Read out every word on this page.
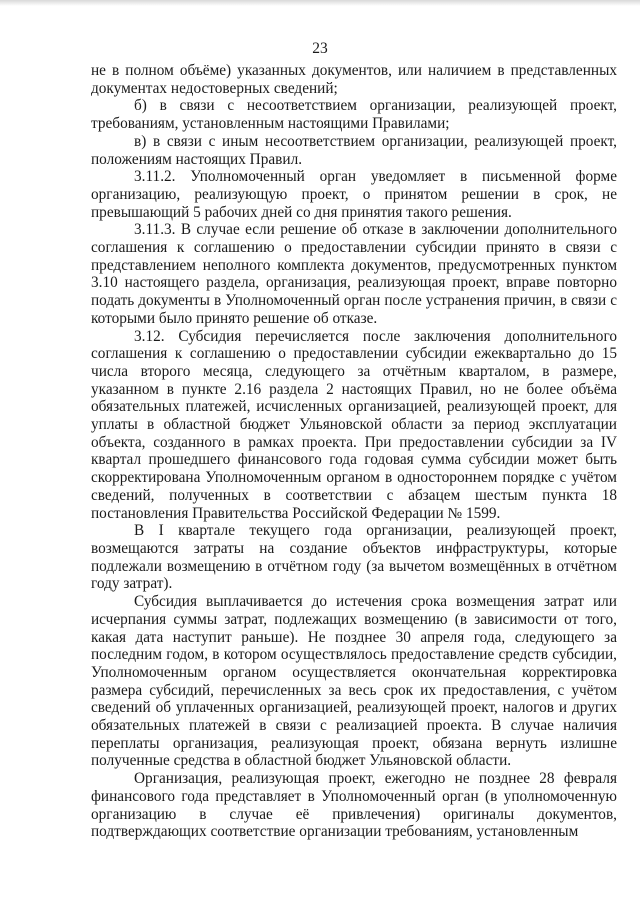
23

не в полном объёме) указанных документов, или наличием в представленных документах недостоверных сведений;

б) в связи с несоответствием организации, реализующей проект, требованиям, установленным настоящими Правилами;

в) в связи с иным несоответствием организации, реализующей проект, положениям настоящих Правил.

3.11.2. Уполномоченный орган уведомляет в письменной форме организацию, реализующую проект, о принятом решении в срок, не превышающий 5 рабочих дней со дня принятия такого решения.

3.11.3. В случае если решение об отказе в заключении дополнительного соглашения к соглашению о предоставлении субсидии принято в связи с представлением неполного комплекта документов, предусмотренных пунктом 3.10 настоящего раздела, организация, реализующая проект, вправе повторно подать документы в Уполномоченный орган после устранения причин, в связи с которыми было принято решение об отказе.

3.12. Субсидия перечисляется после заключения дополнительного соглашения к соглашению о предоставлении субсидии ежеквартально до 15 числа второго месяца, следующего за отчётным кварталом, в размере, указанном в пункте 2.16 раздела 2 настоящих Правил, но не более объёма обязательных платежей, исчисленных организацией, реализующей проект, для уплаты в областной бюджет Ульяновской области за период эксплуатации объекта, созданного в рамках проекта. При предоставлении субсидии за IV квартал прошедшего финансового года годовая сумма субсидии может быть скорректирована Уполномоченным органом в одностороннем порядке с учётом сведений, полученных в соответствии с абзацем шестым пункта 18 постановления Правительства Российской Федерации № 1599.

В I квартале текущего года организации, реализующей проект, возмещаются затраты на создание объектов инфраструктуры, которые подлежали возмещению в отчётном году (за вычетом возмещённых в отчётном году затрат).

Субсидия выплачивается до истечения срока возмещения затрат или исчерпания суммы затрат, подлежащих возмещению (в зависимости от того, какая дата наступит раньше). Не позднее 30 апреля года, следующего за последним годом, в котором осуществлялось предоставление средств субсидии, Уполномоченным органом осуществляется окончательная корректировка размера субсидий, перечисленных за весь срок их предоставления, с учётом сведений об уплаченных организацией, реализующей проект, налогов и других обязательных платежей в связи с реализацией проекта. В случае наличия переплаты организация, реализующая проект, обязана вернуть излишне полученные средства в областной бюджет Ульяновской области.

Организация, реализующая проект, ежегодно не позднее 28 февраля финансового года представляет в Уполномоченный орган (в уполномоченную организацию в случае её привлечения) оригиналы документов, подтверждающих соответствие организации требованиям, установленным
